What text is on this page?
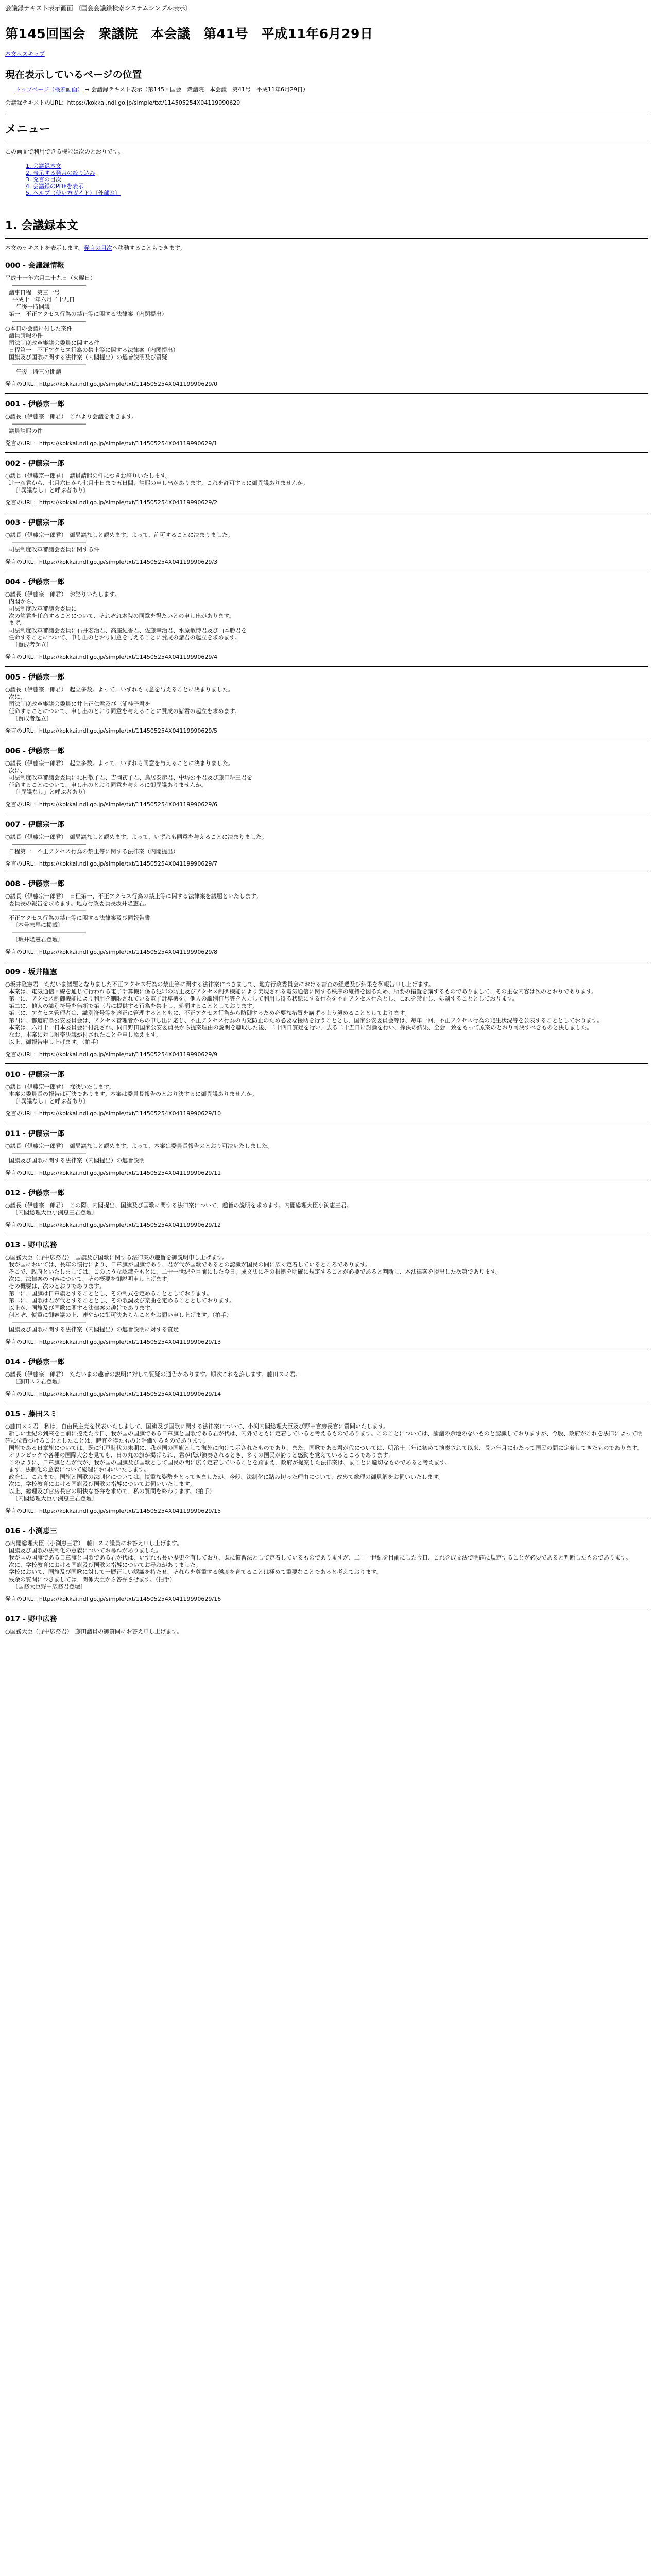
会議録テキスト表示画面 〔国会会議録検索システムシンプル表示〕
第145回国会　衆議院　本会議　第41号　平成11年6月29日
本文へスキップ
現在表示しているページの位置
トップページ（検索画面） → 会議録テキスト表示（第145回国会　衆議院　本会議　第41号　平成11年6月29日）
会議録テキストのURL：https://kokkai.ndl.go.jp/simple/txt/114505254X04119990629
メニュー
この画面で利用できる機能は次のとおりです。
1. 会議録本文
2. 表示する発言の絞り込み
3. 発言の目次
4. 会議録のPDFを表示
5. ヘルプ（使い方ガイド）〔外部窓〕
1. 会議録本文
本文のテキストを表示します。発言の目次へ移動することもできます。
000 - 会議録情報
平成十一年六月二十九日（火曜日）
―――――――――――――
議事日程　第三十号
平成十一年六月二十九日
午後一時開議
第一　不正アクセス行為の禁止等に関する法律案（内閣提出）
―――――――――――――
○本日の会議に付した案件
議員請暇の件
司法制度改革審議会委員に関する件
日程第一　不正アクセス行為の禁止等に関する法律案（内閣提出）
国旗及び国歌に関する法律案（内閣提出）の趣旨説明及び質疑
―――――――――――――
午後一時三分開議
発言のURL：https://kokkai.ndl.go.jp/simple/txt/114505254X04119990629/0
001 - 伊藤宗一郎
○議長（伊藤宗一郎君）　これより会議を開きます。
―――――――――――――
議員請暇の件
発言のURL：https://kokkai.ndl.go.jp/simple/txt/114505254X04119990629/1
002 - 伊藤宗一郎
○議長（伊藤宗一郎君）　議員請暇の件につきお諮りいたします。
辻一彦君から、七月六日から七月十日まで五日間、請暇の申し出があります。これを許可するに御異議ありませんか。
〔「異議なし」と呼ぶ者あり〕
発言のURL：https://kokkai.ndl.go.jp/simple/txt/114505254X04119990629/2
003 - 伊藤宗一郎
○議長（伊藤宗一郎君）　御異議なしと認めます。よって、許可することに決まりました。
―――――――――――――
司法制度改革審議会委員に関する件
発言のURL：https://kokkai.ndl.go.jp/simple/txt/114505254X04119990629/3
004 - 伊藤宗一郎
○議長（伊藤宗一郎君）　お諮りいたします。
内閣から、
司法制度改革審議会委員に
次の諸君を任命することについて、それぞれ本院の同意を得たいとの申し出があります。
まず、
司法制度改革審議会委員に石井宏治君、高座紀香君、佐藤幸治君、水原敏博君及び山本勝君を
任命することについて、申し出のとおり同意を与えることに賛成の諸君の起立を求めます。
〔賛成者起立〕
発言のURL：https://kokkai.ndl.go.jp/simple/txt/114505254X04119990629/4
005 - 伊藤宗一郎
○議長（伊藤宗一郎君）　起立多数。よって、いずれも同意を与えることに決まりました。
次に、
司法制度改革審議会委員に井上正仁君及び三浦桂子君を
任命することについて、申し出のとおり同意を与えることに賛成の諸君の起立を求めます。
〔賛成者起立〕
発言のURL：https://kokkai.ndl.go.jp/simple/txt/114505254X04119990629/5
006 - 伊藤宗一郎
○議長（伊藤宗一郎君）　起立多数。よって、いずれも同意を与えることに決まりました。
次に、
司法制度改革審議会委員に北村敬子君、吉岡初子君、鳥居泰彦君、中坊公平君及び藤田耕三君を
任命することについて、申し出のとおり同意を与えるに御異議ありませんか。
〔「異議なし」と呼ぶ者あり〕
発言のURL：https://kokkai.ndl.go.jp/simple/txt/114505254X04119990629/6
007 - 伊藤宗一郎
○議長（伊藤宗一郎君）　御異議なしと認めます。よって、いずれも同意を与えることに決まりました。
―――――――――――――
日程第一　不正アクセス行為の禁止等に関する法律案（内閣提出）
発言のURL：https://kokkai.ndl.go.jp/simple/txt/114505254X04119990629/7
008 - 伊藤宗一郎
○議長（伊藤宗一郎君）　日程第一、不正アクセス行為の禁止等に関する法律案を議題といたします。
委員長の報告を求めます。地方行政委員長坂井隆憲君。
―――――――――――――
不正アクセス行為の禁止等に関する法律案及び同報告書
〔本号末尾に掲載〕
―――――――――――――
〔坂井隆憲君登壇〕
発言のURL：https://kokkai.ndl.go.jp/simple/txt/114505254X04119990629/8
009 - 坂井隆憲
○坂井隆憲君　ただいま議題となりました不正アクセス行為の禁止等に関する法律案につきまして、地方行政委員会における審査の経過及び結果を御報告申し上げます。
本案は、電気通信回線を通じて行われる電子計算機に係る犯罪の防止及びアクセス制御機能により実現される電気通信に関する秩序の維持を図るため、所要の措置を講ずるものでありまして、その主な内容は次のとおりであります。
第一に、アクセス制御機能により利用を制限されている電子計算機を、他人の識別符号等を入力して利用し得る状態にする行為を不正アクセス行為とし、これを禁止し、処罰することとしております。
第二に、他人の識別符号を無断で第三者に提供する行為を禁止し、処罰することとしております。
第三に、アクセス管理者は、識別符号等を適正に管理するとともに、不正アクセス行為から防御するため必要な措置を講ずるよう努めることとしております。
第四に、都道府県公安委員会は、アクセス管理者からの申し出に応じ、不正アクセス行為の再発防止のため必要な援助を行うこととし、国家公安委員会等は、毎年一回、不正アクセス行為の発生状況等を公表することとしております。
本案は、六月十一日本委員会に付託され、同日野田国家公安委員長から提案理由の説明を聴取した後、二十四日質疑を行い、去る二十五日に討論を行い、採決の結果、全会一致をもって原案のとおり可決すべきものと決しました。
なお、本案に対し附帯決議が付されたことを申し添えます。
以上、御報告申し上げます。（拍手）
発言のURL：https://kokkai.ndl.go.jp/simple/txt/114505254X04119990629/9
010 - 伊藤宗一郎
○議長（伊藤宗一郎君）　採決いたします。
本案の委員長の報告は可決であります。本案は委員長報告のとおり決するに御異議ありませんか。
〔「異議なし」と呼ぶ者あり〕
発言のURL：https://kokkai.ndl.go.jp/simple/txt/114505254X04119990629/10
011 - 伊藤宗一郎
○議長（伊藤宗一郎君）　御異議なしと認めます。よって、本案は委員長報告のとおり可決いたしました。
―――――――――――――
国旗及び国歌に関する法律案（内閣提出）の趣旨説明
発言のURL：https://kokkai.ndl.go.jp/simple/txt/114505254X04119990629/11
012 - 伊藤宗一郎
○議長（伊藤宗一郎君）　この際、内閣提出、国旗及び国歌に関する法律案について、趣旨の説明を求めます。内閣総理大臣小渕恵三君。
〔内閣総理大臣小渕恵三君登壇〕
発言のURL：https://kokkai.ndl.go.jp/simple/txt/114505254X04119990629/12
013 - 野中広務
○国務大臣（野中広務君）　国旗及び国歌に関する法律案の趣旨を御説明申し上げます。
我が国においては、長年の慣行により、日章旗が国旗であり、君が代が国歌であるとの認識が国民の間に広く定着しているところであります。
そこで、政府といたしましては、このような認識をもとに、二十一世紀を目前にした今日、成文法にその根拠を明確に規定することが必要であると判断し、本法律案を提出した次第であります。
次に、法律案の内容について、その概要を御説明申し上げます。
その概要は、次のとおりであります。
第一に、国旗は日章旗とすることとし、その制式を定めることとしております。
第二に、国歌は君が代とすることとし、その歌詞及び楽曲を定めることとしております。
以上が、国旗及び国歌に関する法律案の趣旨であります。
何とぞ、慎重に御審議の上、速やかに御可決あらんことをお願い申し上げます。（拍手）
―――――――――――――
国旗及び国歌に関する法律案（内閣提出）の趣旨説明に対する質疑
発言のURL：https://kokkai.ndl.go.jp/simple/txt/114505254X04119990629/13
014 - 伊藤宗一郎
○議長（伊藤宗一郎君）　ただいまの趣旨の説明に対して質疑の通告があります。順次これを許します。藤田スミ君。
〔藤田スミ君登壇〕
発言のURL：https://kokkai.ndl.go.jp/simple/txt/114505254X04119990629/14
015 - 藤田スミ
○藤田スミ君　私は、自由民主党を代表いたしまして、国旗及び国歌に関する法律案について、小渕内閣総理大臣及び野中官房長官に質問いたします。
新しい世紀の到来を目前に控えた今日、我が国の国旗である日章旗と国歌である君が代は、内外でともに定着していると考えるものであります。このことについては、論議の余地のないものと認識しておりますが、今般、政府がこれを法律によって明確に位置づけることとしたことは、時宜を得たものと評価するものであります。
国旗である日章旗については、既に江戸時代の末期に、我が国の国旗として海外に向けて示されたものであり、また、国歌である君が代については、明治十三年に初めて演奏されて以来、長い年月にわたって国民の間に定着してきたものであります。
オリンピックや各種の国際大会を見ても、日の丸の旗が掲げられ、君が代が演奏されるとき、多くの国民が誇りと感動を覚えているところであります。
このように、日章旗と君が代が、我が国の国旗及び国歌として国民の間に広く定着していることを踏まえ、政府が提案した法律案は、まことに適切なものであると考えます。
まず、法制化の意義について総理にお伺いいたします。
政府は、これまで、国旗と国歌の法制化については、慎重な姿勢をとってきましたが、今般、法制化に踏み切った理由について、改めて総理の御見解をお伺いいたします。
次に、学校教育における国旗及び国歌の指導についてお伺いいたします。
以上、総理及び官房長官の明快な答弁を求めて、私の質問を終わります。（拍手）
〔内閣総理大臣小渕恵三君登壇〕
発言のURL：https://kokkai.ndl.go.jp/simple/txt/114505254X04119990629/15
016 - 小渕恵三
○内閣総理大臣（小渕恵三君）　藤田スミ議員にお答え申し上げます。
国旗及び国歌の法制化の意義についてお尋ねがありました。
我が国の国旗である日章旗と国歌である君が代は、いずれも長い歴史を有しており、既に慣習法として定着しているものでありますが、二十一世紀を目前にした今日、これを成文法で明確に規定することが必要であると判断したものであります。
次に、学校教育における国旗及び国歌の指導についてお尋ねがありました。
学校において、国旗及び国歌に対して一層正しい認識を持たせ、それらを尊重する態度を育てることは極めて重要なことであると考えております。
残余の質問につきましては、関係大臣から答弁させます。（拍手）
〔国務大臣野中広務君登壇〕
発言のURL：https://kokkai.ndl.go.jp/simple/txt/114505254X04119990629/16
017 - 野中広務
○国務大臣（野中広務君）　藤田議員の御質問にお答え申し上げます。
